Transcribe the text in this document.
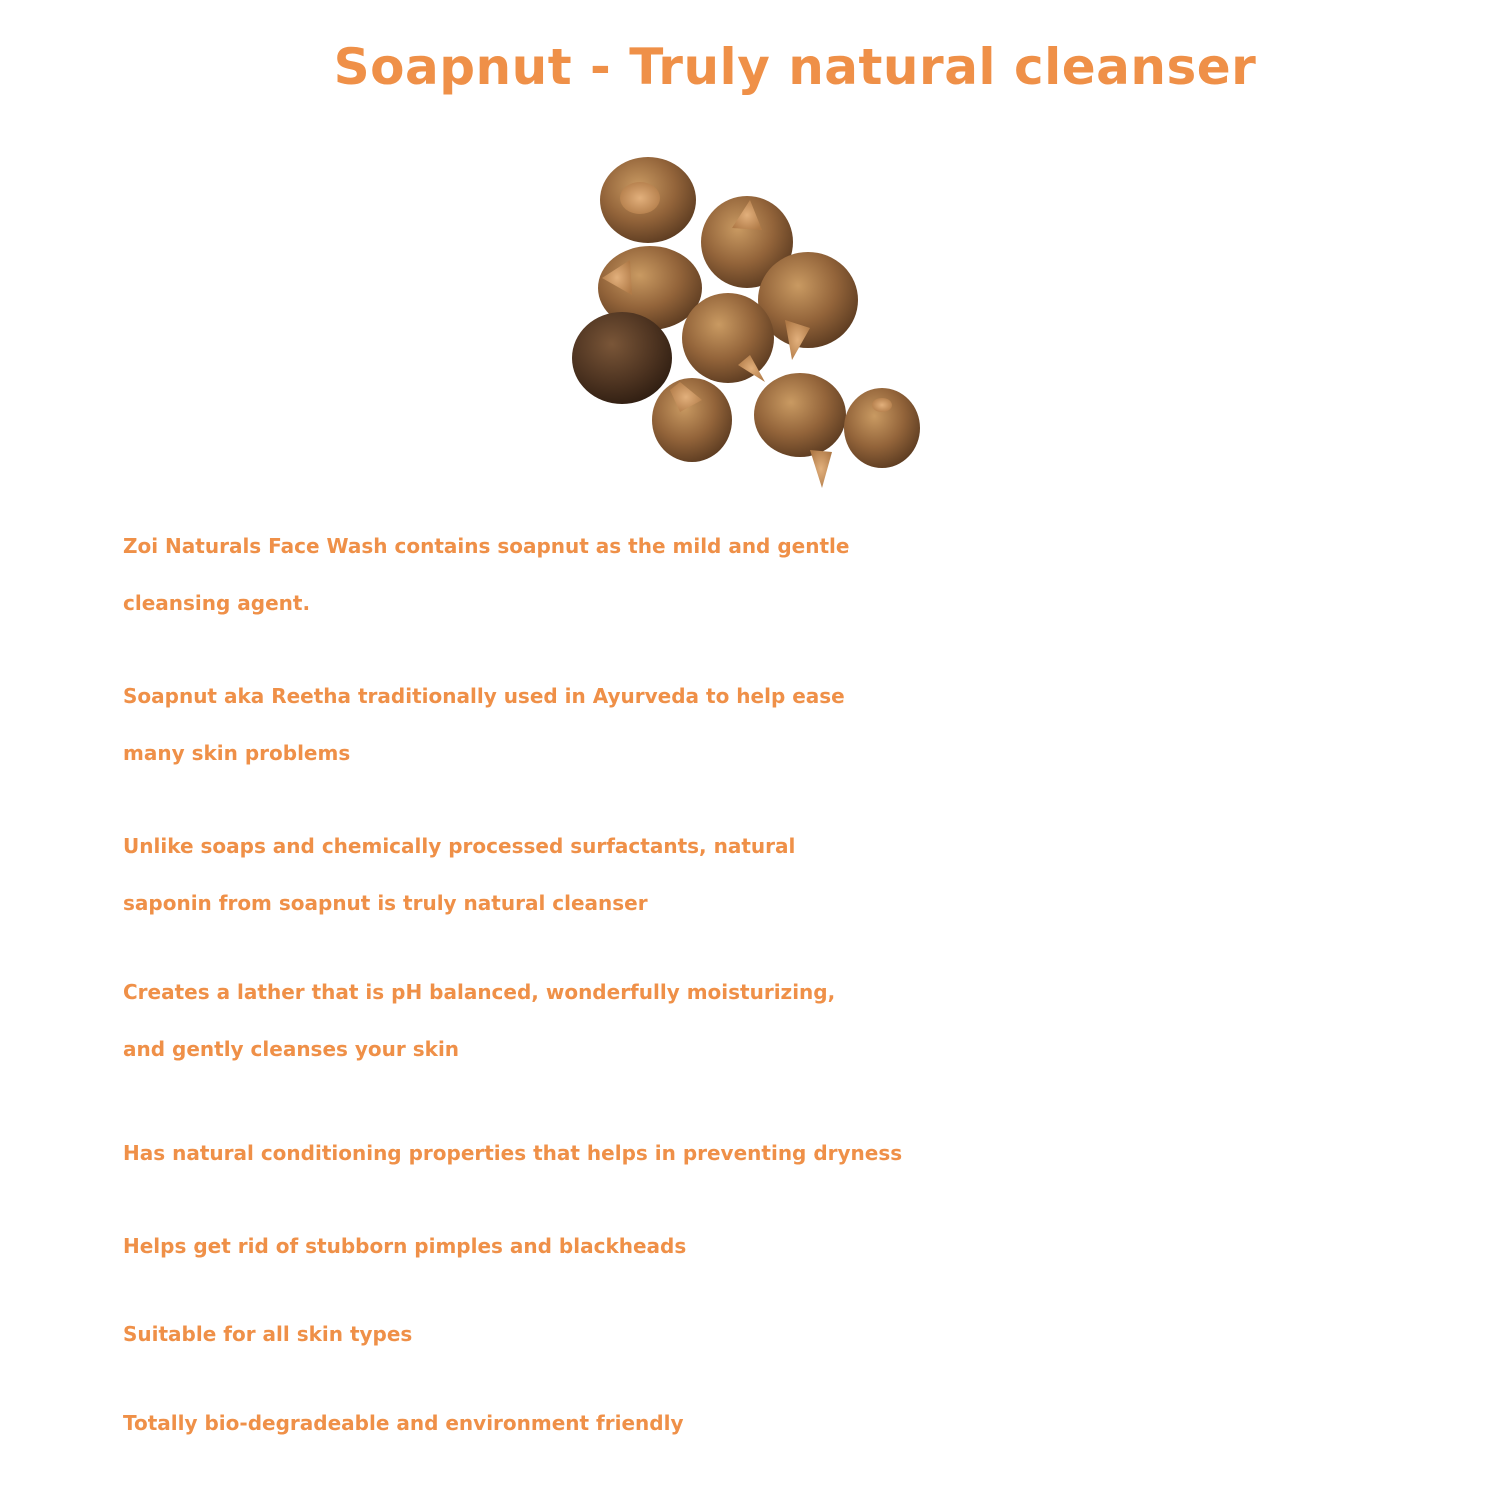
Soapnut - Truly natural cleanser

Zoi Naturals Face Wash contains soapnut as the mild and gentle
cleansing agent.

Soapnut aka Reetha traditionally used in Ayurveda to help ease
many skin problems

Unlike soaps and chemically processed surfactants, natural
saponin from soapnut is truly natural cleanser

Creates a lather that is pH balanced, wonderfully moisturizing,
and gently cleanses your skin

Has natural conditioning properties that helps in preventing dryness

Helps get rid of stubborn pimples and blackheads

Suitable for all skin types

Totally bio-degradeable and environment friendly
